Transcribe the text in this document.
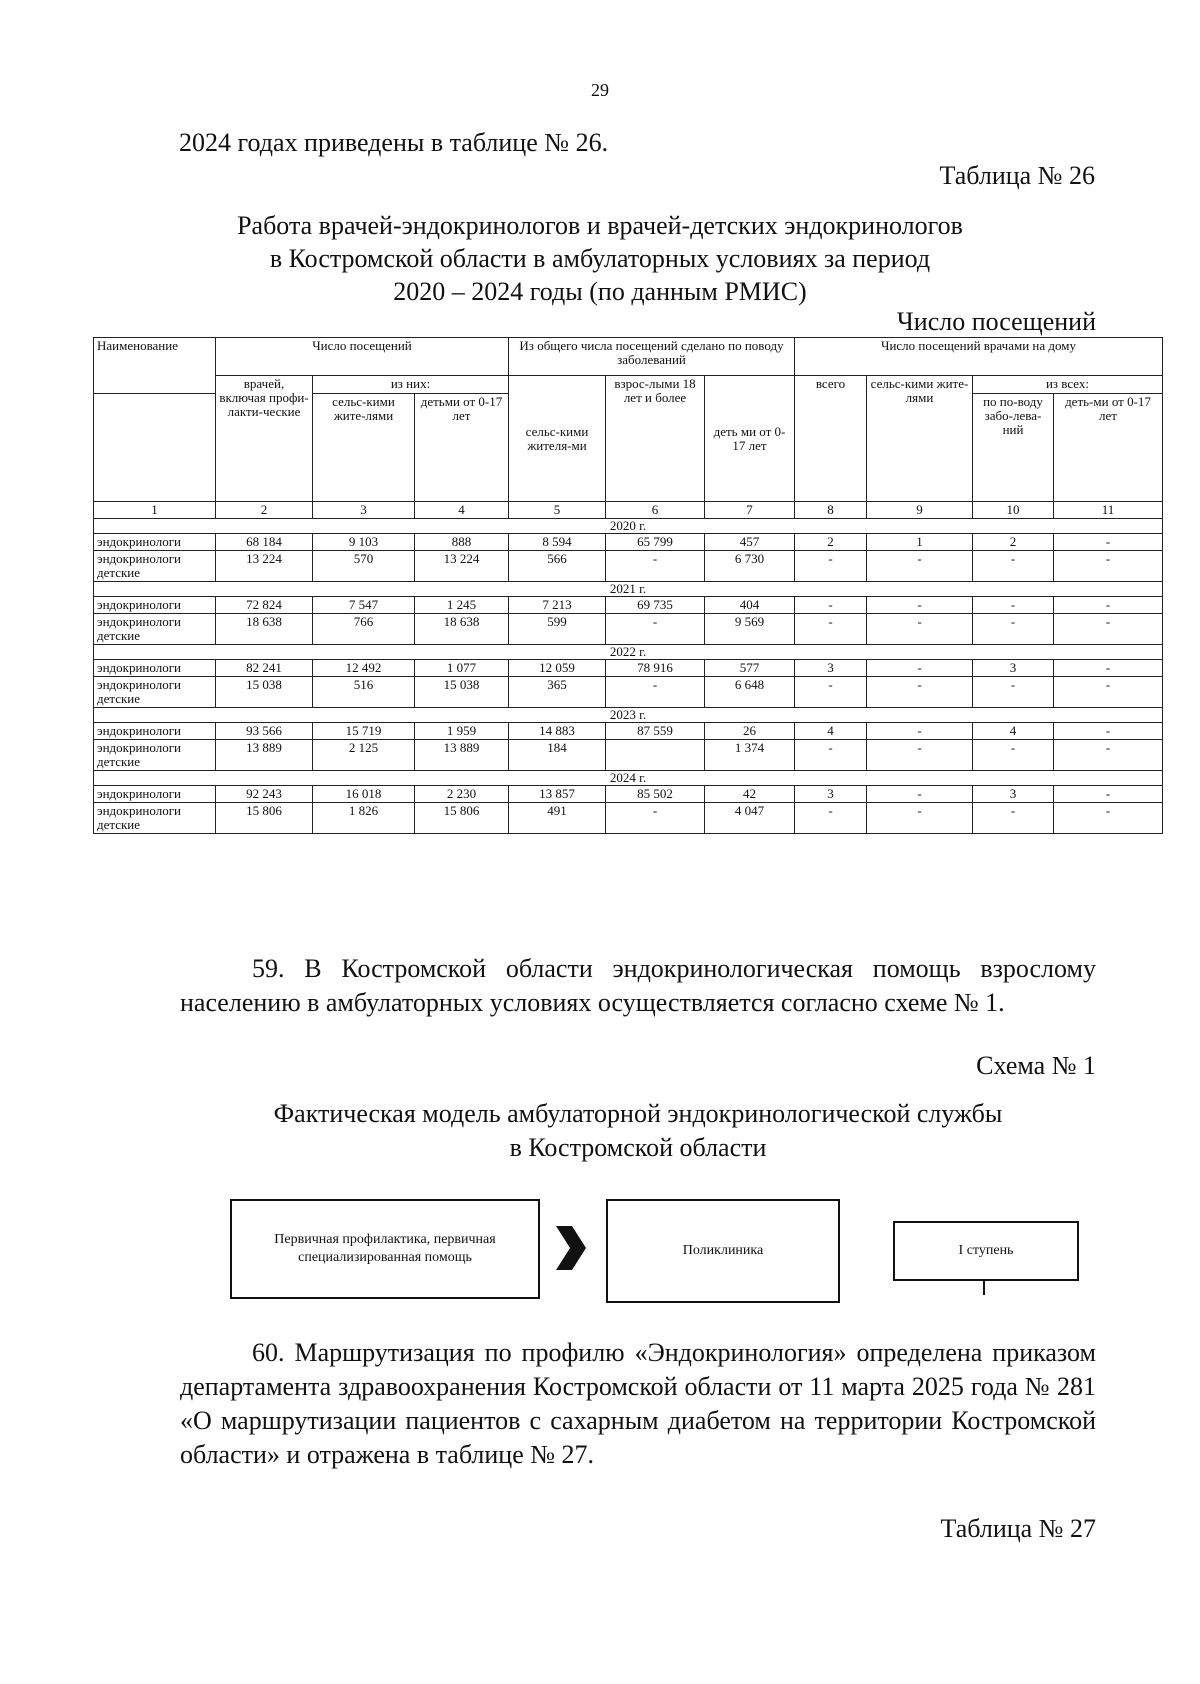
29
2024 годах приведены в таблице № 26.
Таблица № 26
Работа врачей-эндокринологов и врачей-детских эндокринологов
в Костромской области в амбулаторных условиях за период
2020 – 2024 годы (по данным РМИС)
Число посещений
Наименование	Число посещений			Из общего числа посещений сделано по поводу заболеваний			Число посещений врачами на дому			
	врачей, включая профи-лакти-ческие	из них:		сельс-кими жителя-ми	взрос-лыми 18 лет и более	деть ми от 0-17 лет	всего	сельс-кими жите-лями	из всех:	
		сельс-кими жите-лями	детьми от 0-17 лет						по по-воду забо-лева-ний	деть-ми от 0-17 лет
1	2	3	4	5	6	7	8	9	10	11
2020 г.										
эндокринологи	68 184	9 103	888	8 594	65 799	457	2	1	2	-
эндокринологи детские	13 224	570	13 224	566	-	6 730	-	-	-	-
2021 г.										
эндокринологи	72 824	7 547	1 245	7 213	69 735	404	-	-	-	-
эндокринологи детские	18 638	766	18 638	599	-	9 569	-	-	-	-
2022 г.										
эндокринологи	82 241	12 492	1 077	12 059	78 916	577	3	-	3	-
эндокринологи детские	15 038	516	15 038	365	-	6 648	-	-	-	-
2023 г.										
эндокринологи	93 566	15 719	1 959	14 883	87 559	26	4	-	4	-
эндокринологи детские	13 889	2 125	13 889	184		1 374	-	-	-	-
2024 г.										
эндокринологи	92 243	16 018	2 230	13 857	85 502	42	3	-	3	-
эндокринологи детские	15 806	1 826	15 806	491	-	4 047	-	-	-	-
59. В Костромской области эндокринологическая помощь взрослому населению в амбулаторных условиях осуществляется согласно схеме № 1.
Схема № 1
Фактическая модель амбулаторной эндокринологической службы
в Костромской области
Первичная профилактика, первичная специализированная помощь	Поликлиника	I ступень
60. Маршрутизация по профилю «Эндокринология» определена приказом департамента здравоохранения Костромской области от 11 марта 2025 года № 281 «О маршрутизации пациентов с сахарным диабетом на территории Костромской области» и отражена в таблице № 27.
Таблица № 27
